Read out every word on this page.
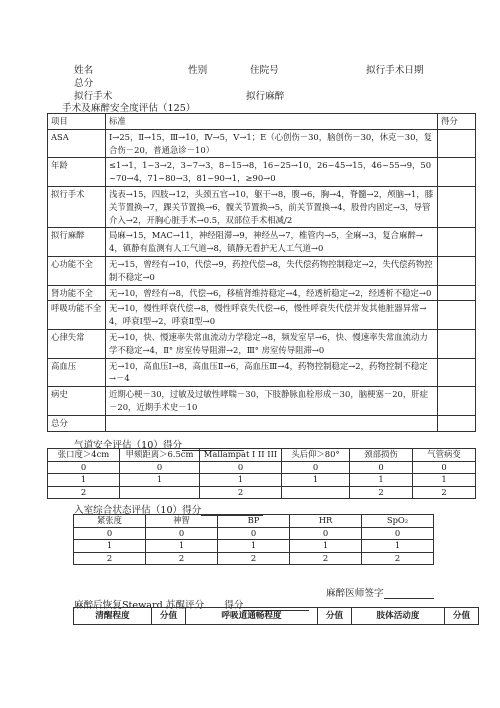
姓名	性别	住院号	拟行手术日期
总分
拟行手术	拟行麻醉
手术及麻醉安全度评估（125）
项目	标准	得分
ASA	Ⅰ→25，Ⅱ→15，Ⅲ→10，Ⅳ→5，Ⅴ→1；E（心创伤－30，脑创伤－30，休克－30，复合伤－20，普通急诊－10）	
年龄	≤1→1，1~3→2，3~7→3，8~15→8，16~25→10，26~45→15，46~55→9，50~70→4，71~80→3，81~90→1，≥90→0	
拟行手术	浅表→15，四肢→12，头颈五官→10，躯干→8，腹→6，胸→4，脊髓→2，颅脑→1，膝关节置换→7，踝关节置换→6，髋关节置换→5，前关节置换→4，股骨内固定→3，导管介入→2，开胸心脏手术→0.5，双部位手术相减/2	
拟行麻醉	局麻→15，MAC→11，神经阻滞→9，神经丛→7，椎管内→5，全麻→3，复合麻醉→4，镇静有监测有人工气道→8，镇静无看护无人工气道→0	
心功能不全	无→15，曾经有→10，代偿→9，药控代偿→8，失代偿药物控制稳定→2，失代偿药物控制不稳定→0	
肾功能不全	无→10，曾经有→8，代偿→6，移植肾维持稳定→4，经透析稳定→2，经透析不稳定→0	
呼吸功能不全	无→10，慢性呼衰代偿→8，慢性呼衰失代偿→6，慢性呼衰失代偿并发其他脏器异常→4，呼衰Ⅰ型→2，呼衰Ⅱ型→0	
心律失常	无→10，快、慢速率失常血流动力学稳定→8，频发室早→6，快、慢速率失常血流动力学不稳定→4，Ⅱ° 房室传导阻滞→2，Ⅲ° 房室传导阻滞→0	
高血压	无→10，高血压Ⅰ→8，高血压Ⅱ→6，高血压Ⅲ→4，药物控制稳定→2，药物控制不稳定→－4	
病史	近期心梗－30，过敏及过敏性哮喘－30，下肢静脉血栓形成－30，脑梗塞－20，肝症－20，近期手术史－10	
总分		
气道安全评估（10）得分
张口度＞4cm	甲颏距离＞6.5cm	Mallampat I II III	头后仰＞80°	颈部损伤	气管病变
0	0	0	0	0	0
1	1	1	1	1	1
2		2		2	2
入室综合状态评估（10）得分
紧张度	神智	BP	HR	SpO₂
0	0	0	0	0
1	1	1	1	1
2	2	2	2	2
麻醉医师签字
麻醉后恢复Steward 苏醒评分 得分
清醒程度	分值	呼吸道通畅程度	分值	肢体活动度	分值
